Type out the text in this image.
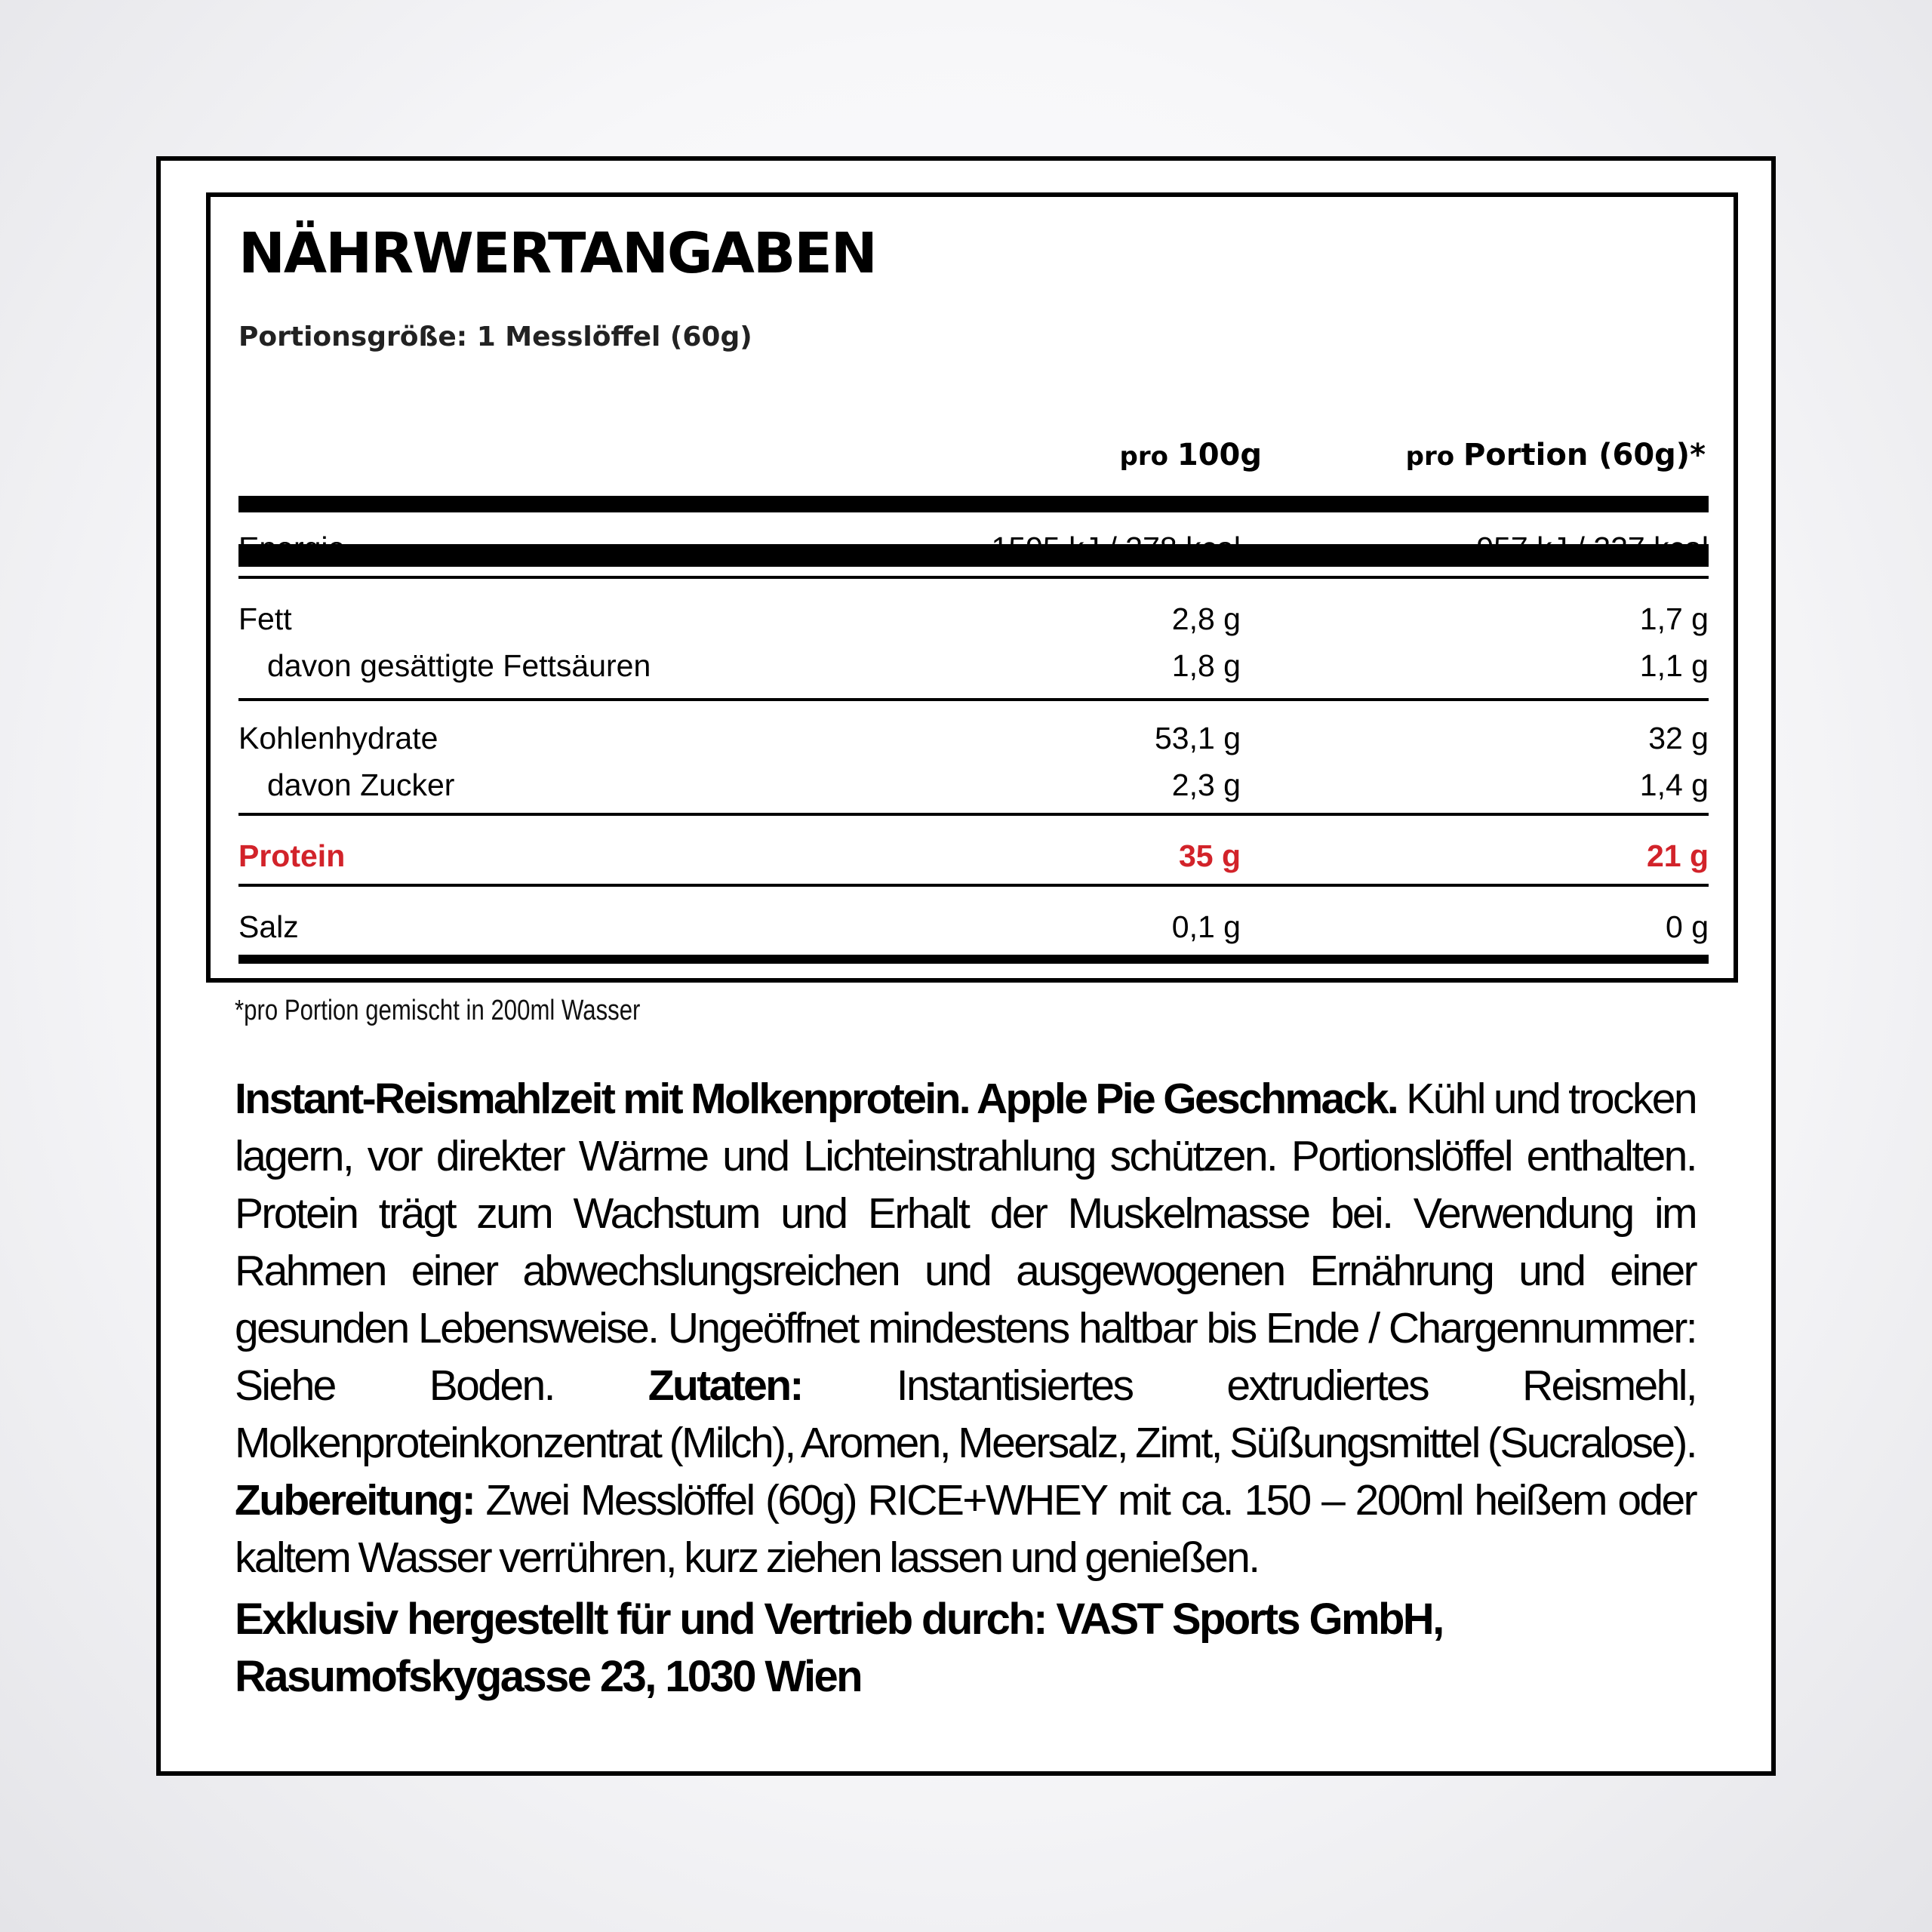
NÄHRWERTANGABEN
Portionsgröße: 1 Messlöffel (60g)
pro 100g	pro Portion (60g)*
Energie	1595 kJ / 378 kcal	957 kJ / 227 kcal
Fett	2,8 g	1,7 g
davon gesättigte Fettsäuren	1,8 g	1,1 g
Kohlenhydrate	53,1 g	32 g
davon Zucker	2,3 g	1,4 g
Protein	35 g	21 g
Salz	0,1 g	0 g
*pro Portion gemischt in 200ml Wasser

Instant-Reismahlzeit mit Molkenprotein. Apple Pie Geschmack. Kühl und trocken lagern, vor direkter Wärme und Lichteinstrahlung schützen. Portionslöffel enthalten. Protein trägt zum Wachstum und Erhalt der Muskelmasse bei. Verwendung im Rahmen einer abwechslungsreichen und ausgewogenen Ernährung und einer gesunden Lebensweise. Ungeöffnet mindestens haltbar bis Ende / Chargennummer: Siehe Boden. Zutaten: Instantisiertes extrudiertes Reismehl, Molkenproteinkonzentrat (Milch), Aromen, Meersalz, Zimt, Süßungsmittel (Sucralose). Zubereitung: Zwei Messlöffel (60g) RICE+WHEY mit ca. 150 – 200ml heißem oder kaltem Wasser verrühren, kurz ziehen lassen und genießen.

Exklusiv hergestellt für und Vertrieb durch: VAST Sports GmbH, Rasumofskygasse 23, 1030 Wien
